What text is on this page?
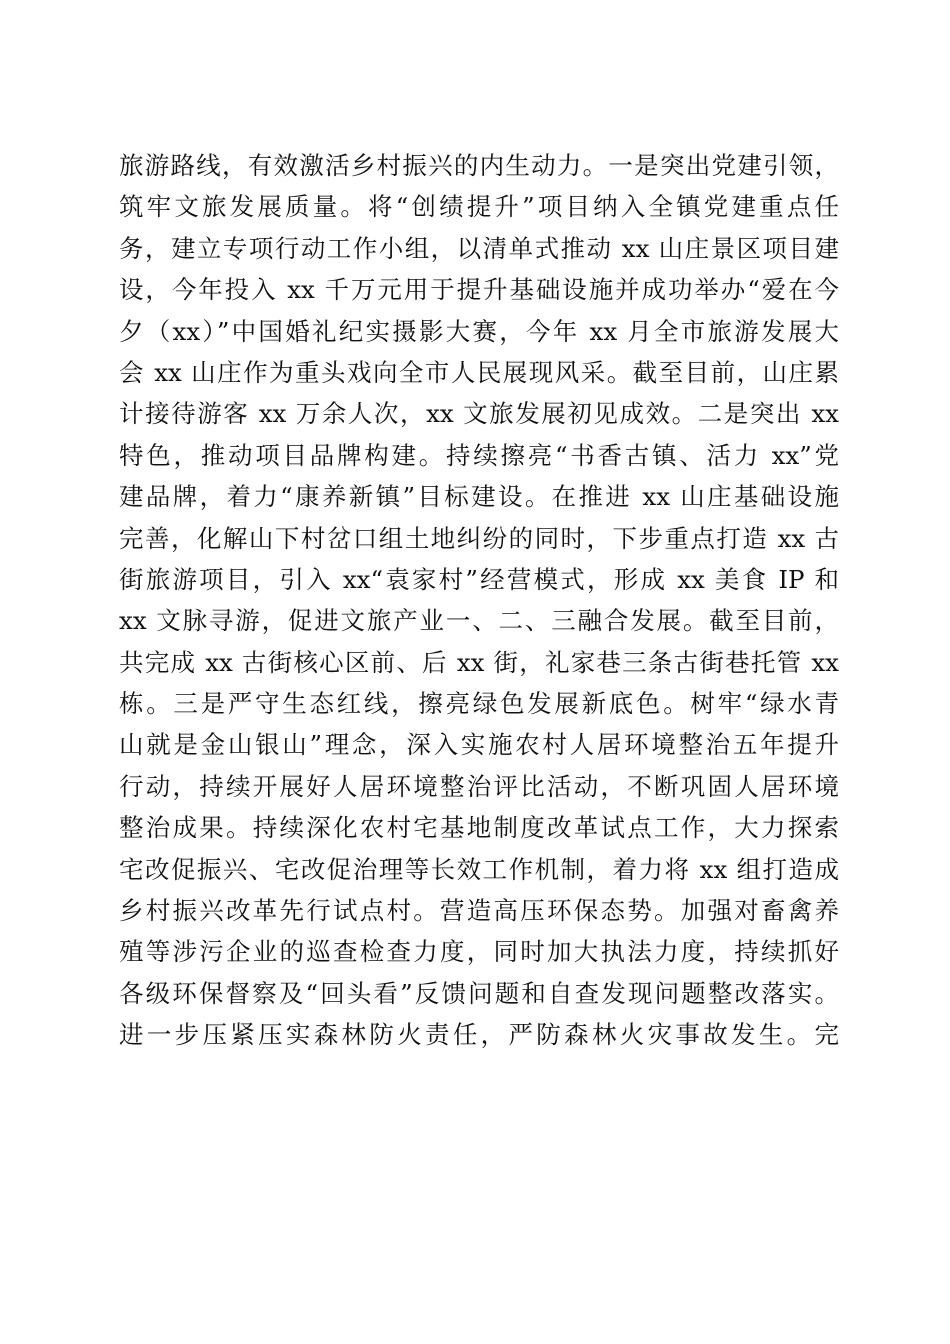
旅游路线，有效激活乡村振兴的内生动力。一是突出党建引领，
筑牢文旅发展质量。将“创绩提升”项目纳入全镇党建重点任
务，建立专项行动工作小组，以清单式推动 xx 山庄景区项目建
设，今年投入 xx 千万元用于提升基础设施并成功举办“爱在今
夕（xx）”中国婚礼纪实摄影大赛，今年 xx 月全市旅游发展大
会 xx 山庄作为重头戏向全市人民展现风采。截至目前，山庄累
计接待游客 xx 万余人次，xx 文旅发展初见成效。二是突出 xx
特色，推动项目品牌构建。持续擦亮“书香古镇、活力 xx”党
建品牌，着力“康养新镇”目标建设。在推进 xx 山庄基础设施
完善，化解山下村岔口组土地纠纷的同时，下步重点打造 xx 古
街旅游项目，引入 xx“袁家村”经营模式，形成 xx 美食 IP 和
xx 文脉寻游，促进文旅产业一、二、三融合发展。截至目前，
共完成 xx 古街核心区前、后 xx 街，礼家巷三条古街巷托管 xx
栋。三是严守生态红线，擦亮绿色发展新底色。树牢“绿水青
山就是金山银山”理念，深入实施农村人居环境整治五年提升
行动，持续开展好人居环境整治评比活动，不断巩固人居环境
整治成果。持续深化农村宅基地制度改革试点工作，大力探索
宅改促振兴、宅改促治理等长效工作机制，着力将 xx 组打造成
乡村振兴改革先行试点村。营造高压环保态势。加强对畜禽养
殖等涉污企业的巡查检查力度，同时加大执法力度，持续抓好
各级环保督察及“回头看”反馈问题和自查发现问题整改落实。
进一步压紧压实森林防火责任，严防森林火灾事故发生。完
